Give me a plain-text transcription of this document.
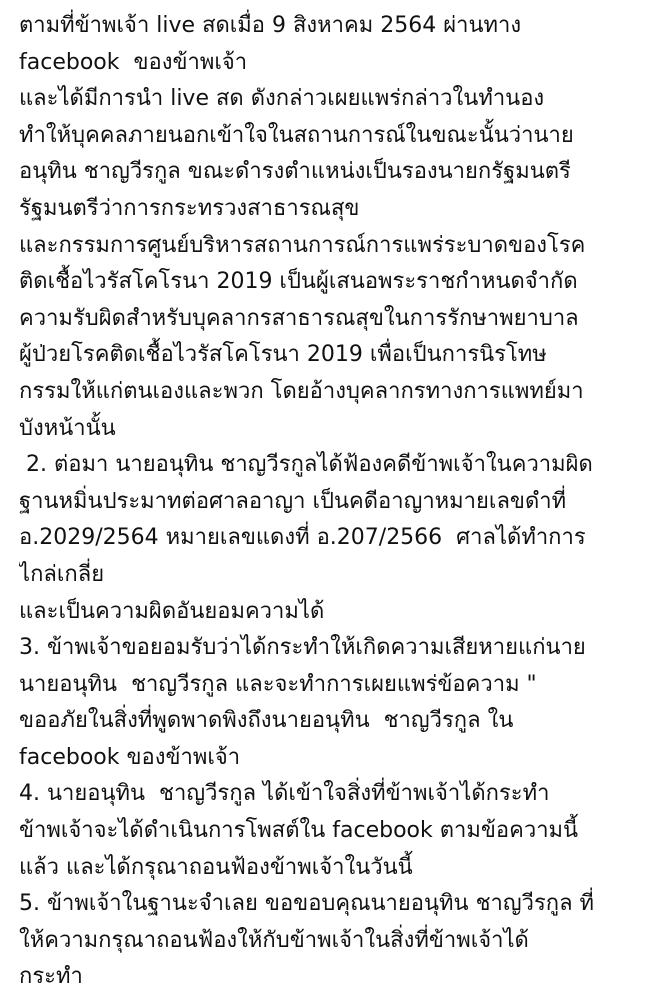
ตามที่ข้าพเจ้า live สดเมื่อ 9 สิงหาคม 2564 ผ่านทาง
facebook  ของข้าพเจ้า
และได้มีการนำ live สด ดังกล่าวเผยแพร่กล่าวในทำนอง
ทำให้บุคคลภายนอกเข้าใจในสถานการณ์ในขณะนั้นว่านาย
อนุทิน ชาญวีรกูล ขณะดำรงตำแหน่งเป็นรองนายกรัฐมนตรี
รัฐมนตรีว่าการกระทรวงสาธารณสุข
และกรรมการศูนย์บริหารสถานการณ์การแพร่ระบาดของโรค
ติดเชื้อไวรัสโคโรนา 2019 เป็นผู้เสนอพระราชกำหนดจำกัด
ความรับผิดสำหรับบุคลากรสาธารณสุขในการรักษาพยาบาล
ผู้ป่วยโรคติดเชื้อไวรัสโคโรนา 2019 เพื่อเป็นการนิรโทษ
กรรมให้แก่ตนเองและพวก โดยอ้างบุคลากรทางการแพทย์มา
บังหน้านั้น
2. ต่อมา นายอนุทิน ชาญวีรกูลได้ฟ้องคดีข้าพเจ้าในความผิด
ฐานหมิ่นประมาทต่อศาลอาญา เป็นคดีอาญาหมายเลขดำที่
อ.2029/2564 หมายเลขแดงที่ อ.207/2566  ศาลได้ทำการ
ไกล่เกลี่ย
และเป็นความผิดอันยอมความได้
3. ข้าพเจ้าขอยอมรับว่าได้กระทำให้เกิดความเสียหายแก่นาย
นายอนุทิน  ชาญวีรกูล และจะทำการเผยแพร่ข้อความ "
ขออภัยในสิ่งที่พูดพาดพิงถึงนายอนุทิน  ชาญวีรกูล ใน
facebook ของข้าพเจ้า
4. นายอนุทิน  ชาญวีรกูล ได้เข้าใจสิ่งที่ข้าพเจ้าได้กระทำ
ข้าพเจ้าจะได้ดำเนินการโพสต์ใน facebook ตามข้อความนี้
แล้ว และได้กรุณาถอนฟ้องข้าพเจ้าในวันนี้
5. ข้าพเจ้าในฐานะจำเลย ขอขอบคุณนายอนุทิน ชาญวีรกูล ที่
ให้ความกรุณาถอนฟ้องให้กับข้าพเจ้าในสิ่งที่ข้าพเจ้าได้
กระทำ
